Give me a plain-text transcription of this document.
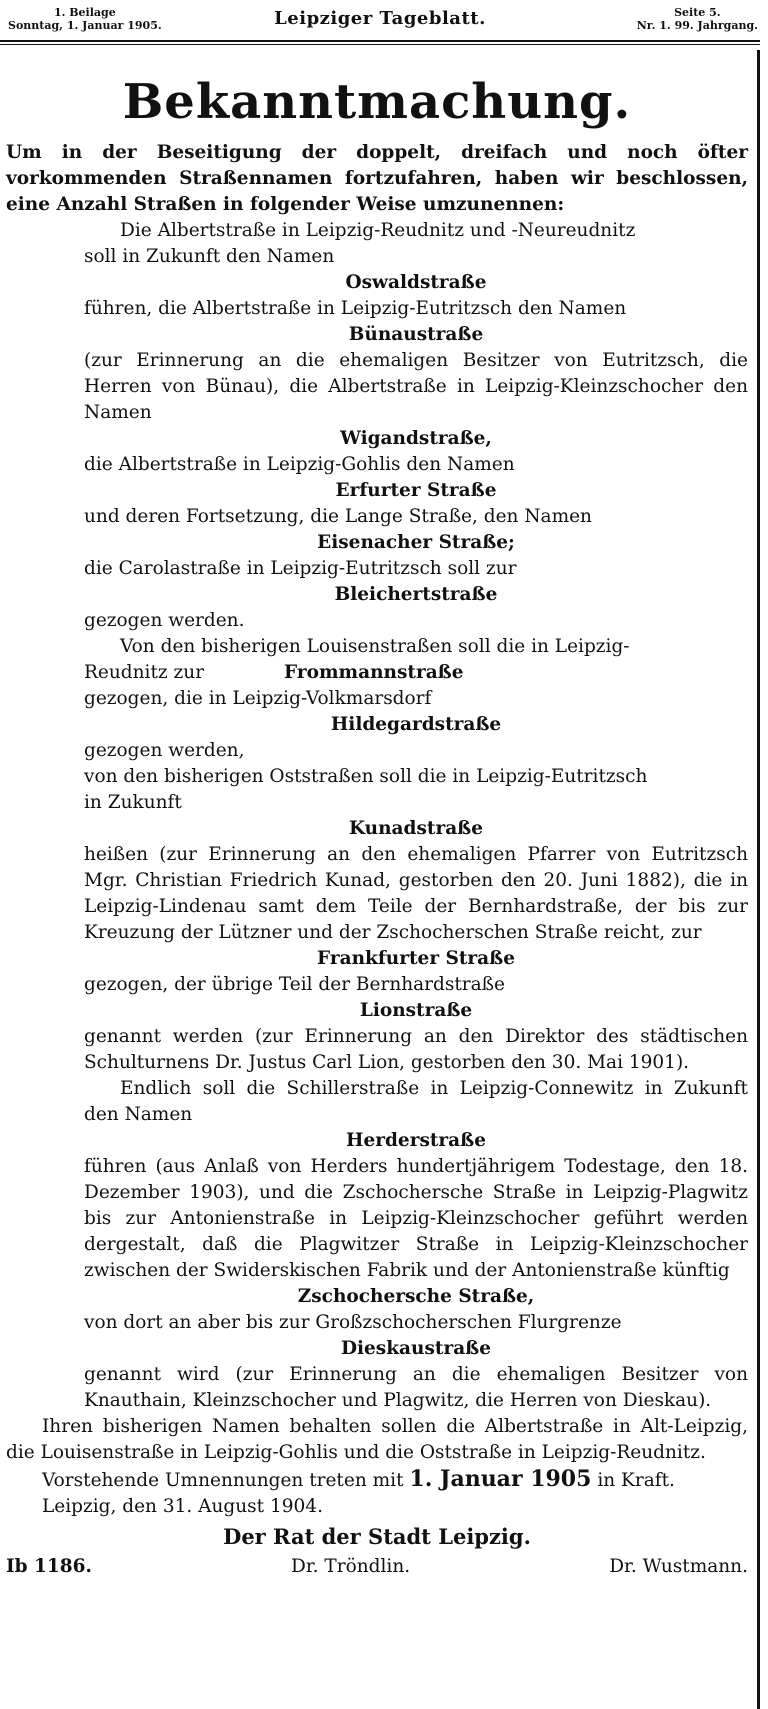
1. Beilage
Sonntag, 1. Januar 1905.	Leipziger Tageblatt.	Seite 5.
Nr. 1. 99. Jahrgang.
Bekanntmachung.

Um in der Beseitigung der doppelt, dreifach und noch öfter vorkommenden Straßennamen fortzufahren, haben wir beschlossen, eine Anzahl Straßen in folgender Weise umzunennen:

Die Albertstraße in Leipzig-Reudnitz und -Neureudnitz

soll in Zukunft den Namen

Oswaldstraße

führen, die Albertstraße in Leipzig-Eutritzsch den Namen

Bünaustraße

(zur Erinnerung an die ehemaligen Besitzer von Eutritzsch, die Herren von Bünau), die Albertstraße in Leipzig-Kleinzschocher den Namen

Wigandstraße,

die Albertstraße in Leipzig-Gohlis den Namen

Erfurter Straße

und deren Fortsetzung, die Lange Straße, den Namen

Eisenacher Straße;

die Carolastraße in Leipzig-Eutritzsch soll zur

Bleichertstraße

gezogen werden.

Von den bisherigen Louisenstraßen soll die in Leipzig-

Reudnitz zur	Frommannstraße

gezogen, die in Leipzig-Volkmarsdorf

Hildegardstraße

gezogen werden,

von den bisherigen Oststraßen soll die in Leipzig-Eutritzsch

in Zukunft

Kunadstraße

heißen (zur Erinnerung an den ehemaligen Pfarrer von Eutritzsch Mgr. Christian Friedrich Kunad, gestorben den 20. Juni 1882), die in Leipzig-Lindenau samt dem Teile der Bernhardstraße, der bis zur Kreuzung der Lützner und der Zschocherschen Straße reicht, zur

Frankfurter Straße

gezogen, der übrige Teil der Bernhardstraße

Lionstraße

genannt werden (zur Erinnerung an den Direktor des städtischen Schulturnens Dr. Justus Carl Lion, gestorben den 30. Mai 1901).

Endlich soll die Schillerstraße in Leipzig-Connewitz in Zukunft den Namen

Herderstraße

führen (aus Anlaß von Herders hundertjährigem Todestage, den 18. Dezember 1903), und die Zschochersche Straße in Leipzig-Plagwitz bis zur Antonienstraße in Leipzig-Kleinzschocher geführt werden dergestalt, daß die Plagwitzer Straße in Leipzig-Kleinzschocher zwischen der Swiderskischen Fabrik und der Antonienstraße künftig

Zschochersche Straße,

von dort an aber bis zur Großzschocherschen Flurgrenze

Dieskaustraße

genannt wird (zur Erinnerung an die ehemaligen Besitzer von Knauthain, Kleinzschocher und Plagwitz, die Herren von Dieskau).

Ihren bisherigen Namen behalten sollen die Albertstraße in Alt-Leipzig, die Louisenstraße in Leipzig-Gohlis und die Oststraße in Leipzig-Reudnitz.

Vorstehende Umnennungen treten mit 1. Januar 1905 in Kraft.

Leipzig, den 31. August 1904.

Der Rat der Stadt Leipzig.

Ib 1186.	Dr. Tröndlin.	Dr. Wustmann.
